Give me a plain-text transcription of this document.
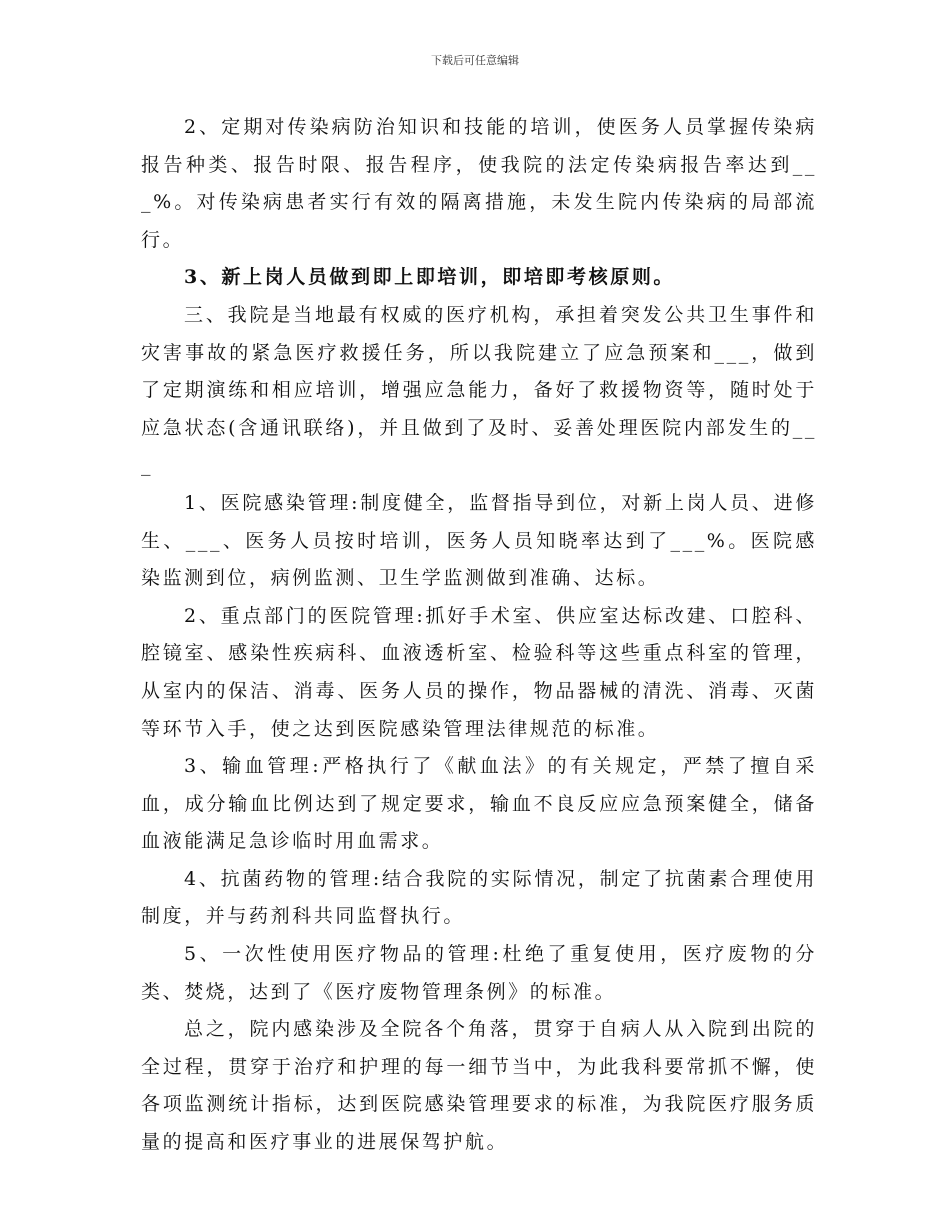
下载后可任意编辑

2、定期对传染病防治知识和技能的培训，使医务人员掌握传染病报告种类、报告时限、报告程序，使我院的法定传染病报告率达到___%。对传染病患者实行有效的隔离措施，未发生院内传染病的局部流行。

3、新上岗人员做到即上即培训，即培即考核原则。

三、我院是当地最有权威的医疗机构，承担着突发公共卫生事件和灾害事故的紧急医疗救援任务，所以我院建立了应急预案和___，做到了定期演练和相应培训，增强应急能力，备好了救援物资等，随时处于应急状态(含通讯联络)，并且做到了及时、妥善处理医院内部发生的___

1、医院感染管理:制度健全，监督指导到位，对新上岗人员、进修生、___、医务人员按时培训，医务人员知晓率达到了___%。医院感染监测到位，病例监测、卫生学监测做到准确、达标。

2、重点部门的医院管理:抓好手术室、供应室达标改建、口腔科、腔镜室、感染性疾病科、血液透析室、检验科等这些重点科室的管理，从室内的保洁、消毒、医务人员的操作，物品器械的清洗、消毒、灭菌等环节入手，使之达到医院感染管理法律规范的标准。

3、输血管理:严格执行了《献血法》的有关规定，严禁了擅自采血，成分输血比例达到了规定要求，输血不良反应应急预案健全，储备血液能满足急诊临时用血需求。

4、抗菌药物的管理:结合我院的实际情况，制定了抗菌素合理使用制度，并与药剂科共同监督执行。

5、一次性使用医疗物品的管理:杜绝了重复使用，医疗废物的分类、焚烧，达到了《医疗废物管理条例》的标准。

总之，院内感染涉及全院各个角落，贯穿于自病人从入院到出院的全过程，贯穿于治疗和护理的每一细节当中，为此我科要常抓不懈，使各项监测统计指标，达到医院感染管理要求的标准，为我院医疗服务质量的提高和医疗事业的进展保驾护航。
